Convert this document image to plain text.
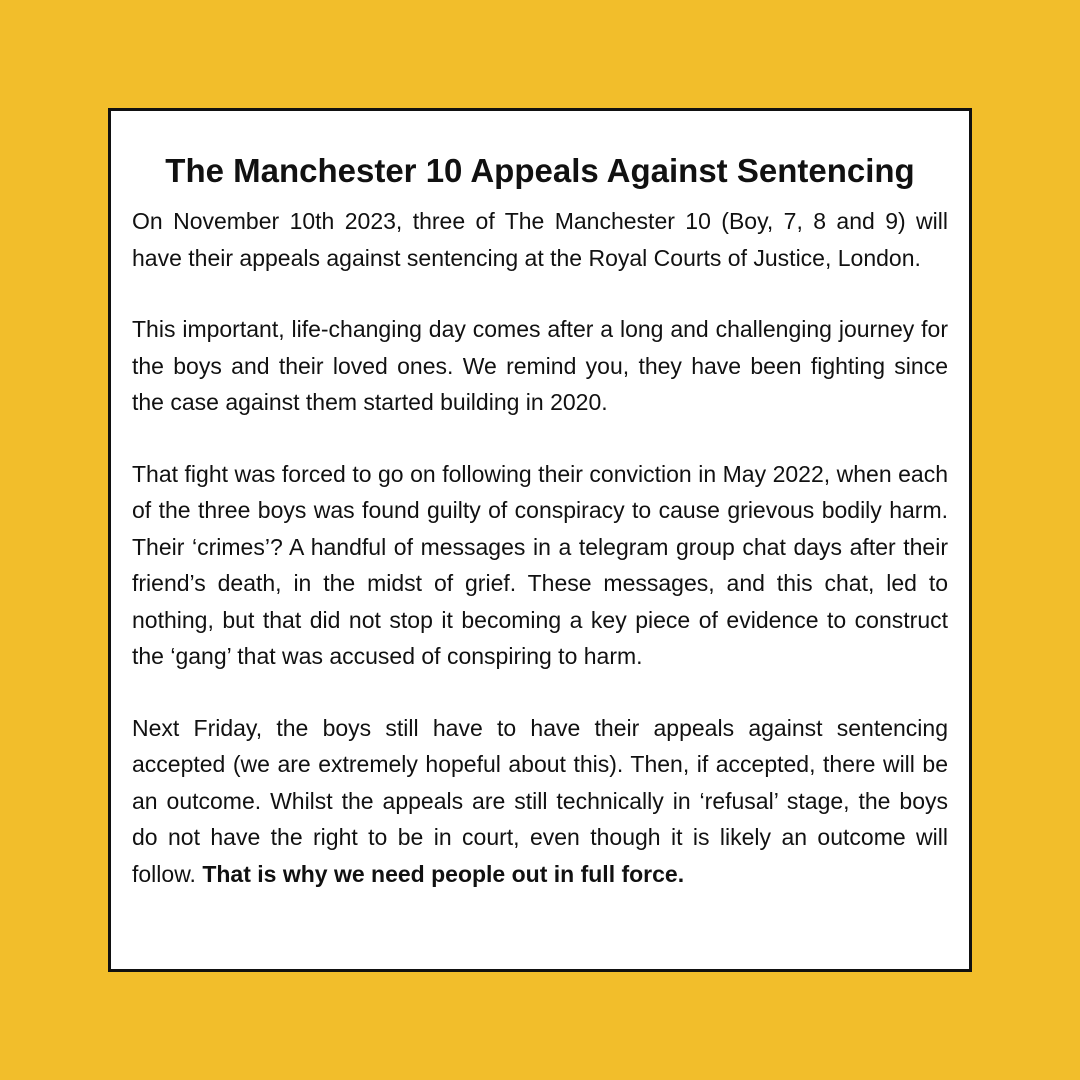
The Manchester 10 Appeals Against Sentencing

On November 10th 2023, three of The Manchester 10 (Boy, 7, 8 and 9) will have their appeals against sentencing at the Royal Courts of Justice, London.

This important, life-changing day comes after a long and challenging journey for the boys and their loved ones. We remind you, they have been fighting since the case against them started building in 2020.

That fight was forced to go on following their conviction in May 2022, when each of the three boys was found guilty of conspiracy to cause grievous bodily harm. Their ‘crimes’? A handful of messages in a telegram group chat days after their friend’s death, in the midst of grief. These messages, and this chat, led to nothing, but that did not stop it becoming a key piece of evidence to construct the ‘gang’ that was accused of conspiring to harm.

Next Friday, the boys still have to have their appeals against sentencing accepted (we are extremely hopeful about this). Then, if accepted, there will be an outcome. Whilst the appeals are still technically in ‘refusal’ stage, the boys do not have the right to be in court, even though it is likely an outcome will follow. That is why we need people out in full force.
